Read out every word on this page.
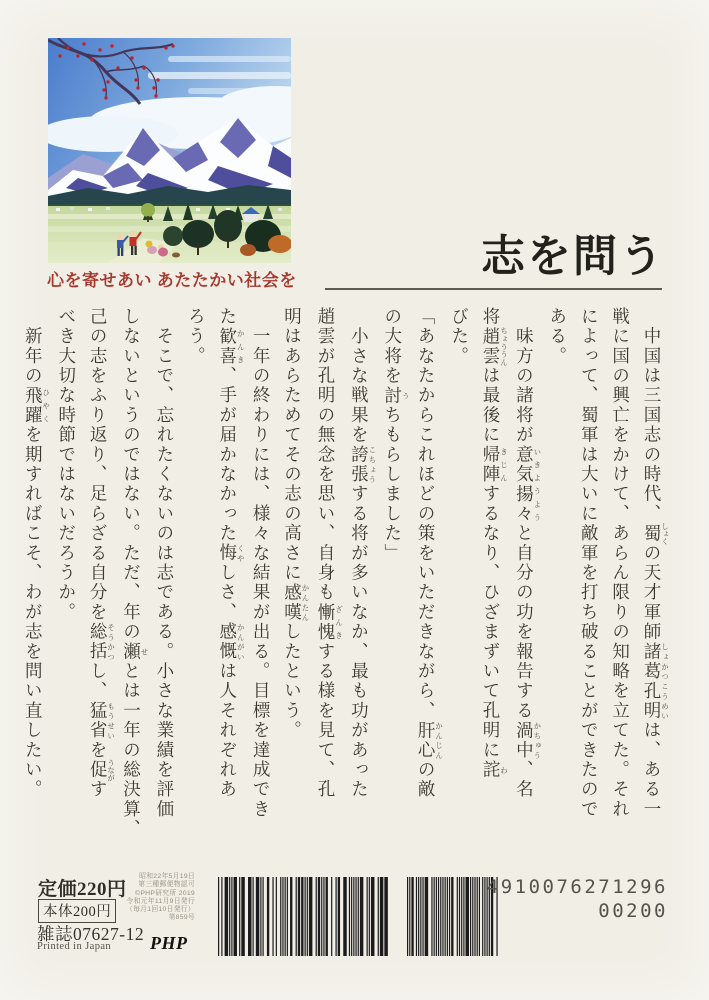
心を寄せあい あたたかい社会を	志を問う

　中国は三国志の時代、蜀しょくの天才軍師諸葛孔明しょかつこうめいは、ある一

戦に国の興亡をかけて、あらん限りの知略を立てた。それ

によって、蜀軍は大いに敵軍を打ち破ることができたので

ある。

　味方の諸将が意気揚々いきようようと自分の功を報告する渦中かちゅう、名

将趙雲ちょううんは最後に帰陣きじんするなり、ひざまずいて孔明に詫わ

びた。

「あなたからこれほどの策をいただきながら、肝心かんじんの敵

の大将を討うちもらしました」

　小さな戦果を誇張こちょうする将が多いなか、最も功があった

趙雲が孔明の無念を思い、自身も慚愧ざんきする様を見て、孔

明はあらためてその志の高さに感嘆かんたんしたという。

　一年の終わりには、様々な結果が出る。目標を達成でき

た歓喜かんき、手が届かなかった悔くやしさ、感慨かんがいは人それぞれあ

ろう。

　そこで、忘れたくないのは志である。小さな業績を評価

しないというのではない。ただ、年の瀬せとは一年の総決算、

己の志をふり返り、足らざる自分を総括そうかつし、猛省もうせいを促うながす

べき大切な時節ではないだろうか。

　新年の飛躍ひやくを期すればこそ、わが志を問い直したい。

定価220円
本体200円
昭和22年5月19日
第三種郵便物認可
©PHP研究所 2019
令和元年11月9日発行
（毎月1回10日発行）
第859号
雑誌07627-12
Printed in Japan PHP
4910076271296
00200
